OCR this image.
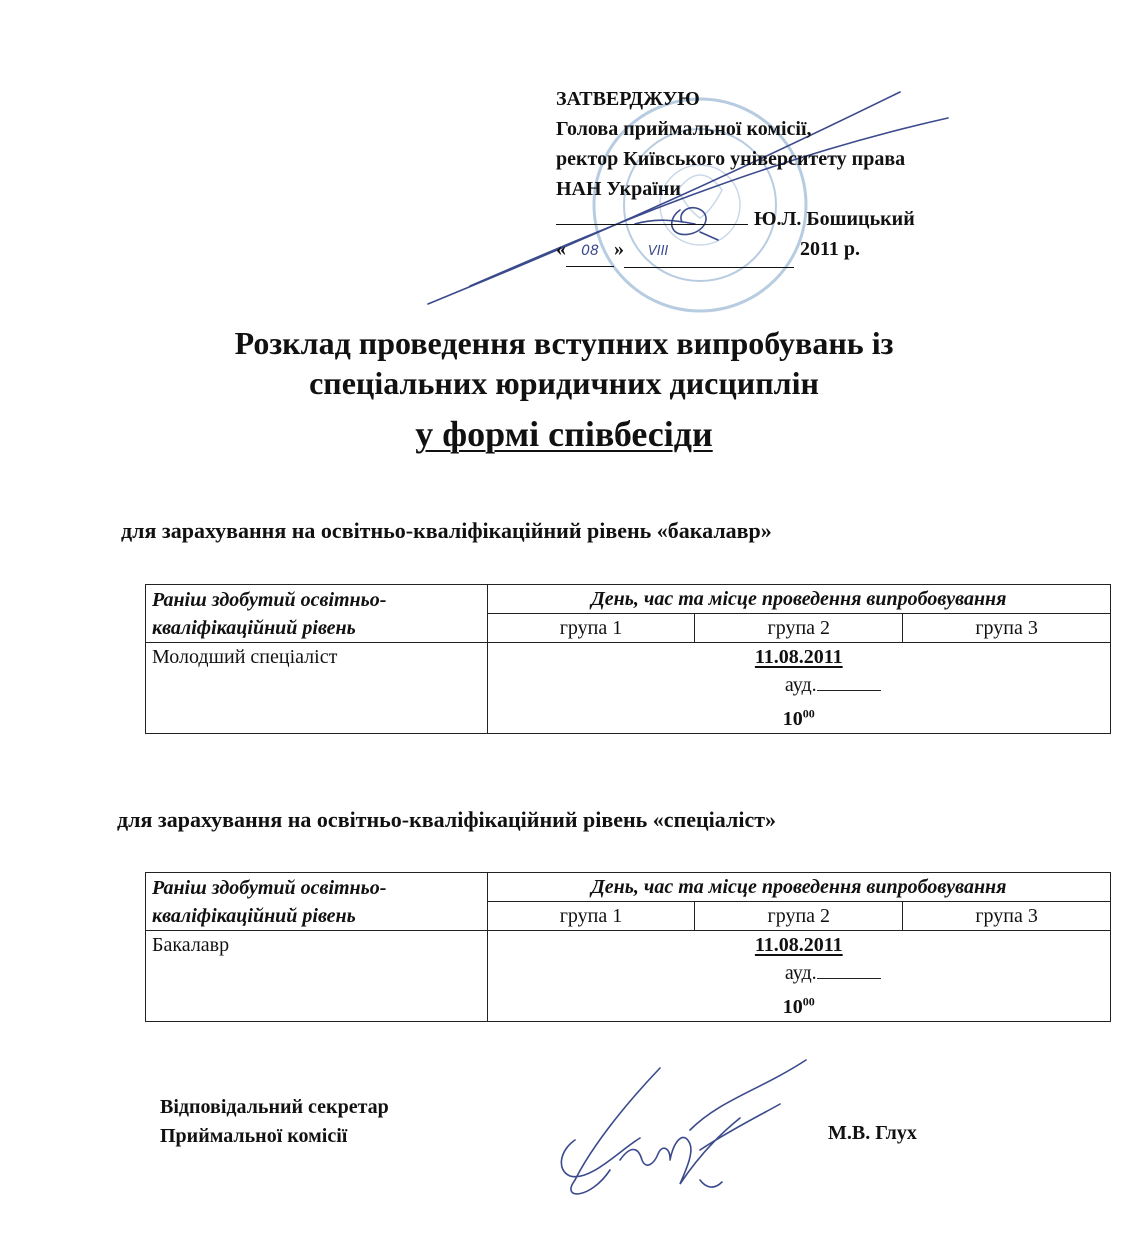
ЗАТВЕРДЖУЮ
Голова приймальної комісії,
ректор Київського університету права
НАН України
Ю.Л. Бошицький
« 08 » VIII	2011 р.
Розклад проведення вступних випробувань із
спеціальних юридичних дисциплін
у формі співбесіди
для зарахування на освітньо-кваліфікаційний рівень «бакалавр»
Раніш здобутий освітньо-
кваліфікаційний рівень	День, час та місце проведення випробовування		
	група 1	група 2	група 3
Молодший спеціаліст	11.08.2011
ауд.
$10^{00}$
для зарахування на освітньо-кваліфікаційний рівень «спеціаліст»
Раніш здобутий освітньо-
кваліфікаційний рівень	День, час та місце проведення випробовування		
	група 1	група 2	група 3
Бакалавр	11.08.2011
ауд.
$10^{00}$
Відповідальний секретар
Приймальної комісії	М.В. Глух
